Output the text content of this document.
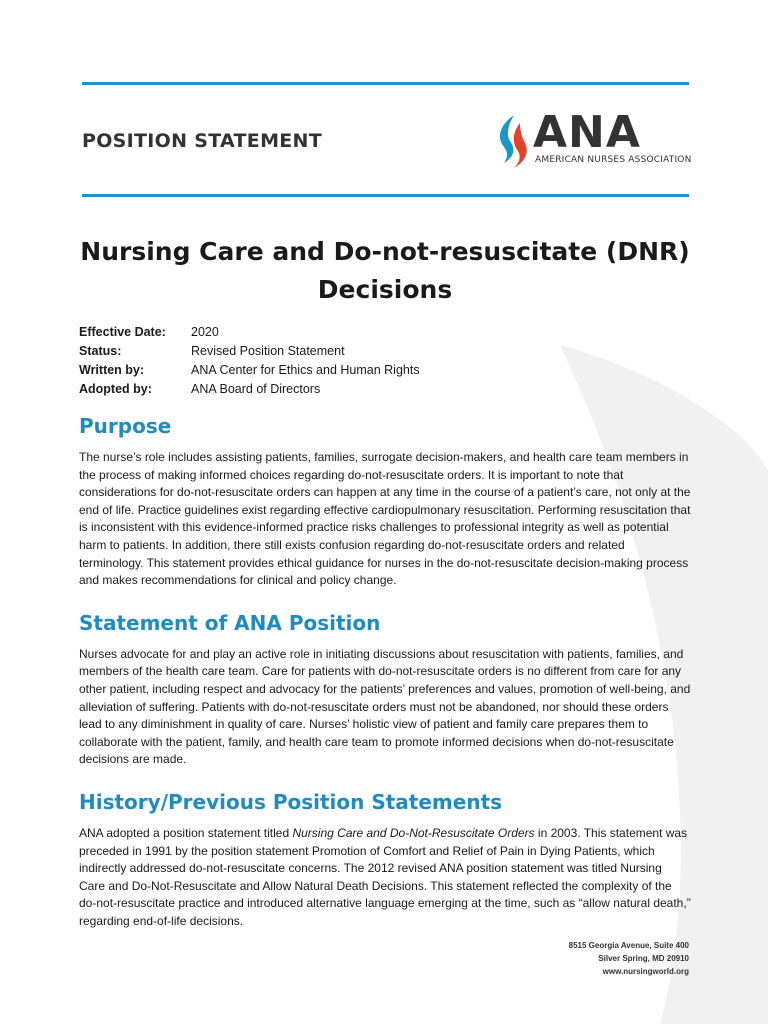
POSITION STATEMENT	ANA
AMERICAN NURSES ASSOCIATION
Nursing Care and Do-not-resuscitate (DNR) Decisions
Effective Date:	2020
Status:	Revised Position Statement
Written by:	ANA Center for Ethics and Human Rights
Adopted by:	ANA Board of Directors
Purpose

The nurse’s role includes assisting patients, families, surrogate decision-makers, and health care team members in the process of making informed choices regarding do-not-resuscitate orders. It is important to note that considerations for do-not-resuscitate orders can happen at any time in the course of a patient’s care, not only at the end of life. Practice guidelines exist regarding effective cardiopulmonary resuscitation. Performing resuscitation that is inconsistent with this evidence-informed practice risks challenges to professional integrity as well as potential harm to patients. In addition, there still exists confusion regarding do-not-resuscitate orders and related terminology. This statement provides ethical guidance for nurses in the do-not-resuscitate decision-making process and makes recommendations for clinical and policy change.

Statement of ANA Position

Nurses advocate for and play an active role in initiating discussions about resuscitation with patients, families, and members of the health care team. Care for patients with do-not-resuscitate orders is no different from care for any other patient, including respect and advocacy for the patients’ preferences and values, promotion of well-being, and alleviation of suffering. Patients with do-not-resuscitate orders must not be abandoned, nor should these orders lead to any diminishment in quality of care. Nurses’ holistic view of patient and family care prepares them to collaborate with the patient, family, and health care team to promote informed decisions when do-not-resuscitate decisions are made.

History/Previous Position Statements

ANA adopted a position statement titled Nursing Care and Do-Not-Resuscitate Orders in 2003. This statement was preceded in 1991 by the position statement Promotion of Comfort and Relief of Pain in Dying Patients, which indirectly addressed do-not-resuscitate concerns. The 2012 revised ANA position statement was titled Nursing Care and Do-Not-Resuscitate and Allow Natural Death Decisions. This statement reflected the complexity of the do-not-resuscitate practice and introduced alternative language emerging at the time, such as “allow natural death,” regarding end-of-life decisions.

8515 Georgia Avenue, Suite 400
Silver Spring, MD 20910
www.nursingworld.org
